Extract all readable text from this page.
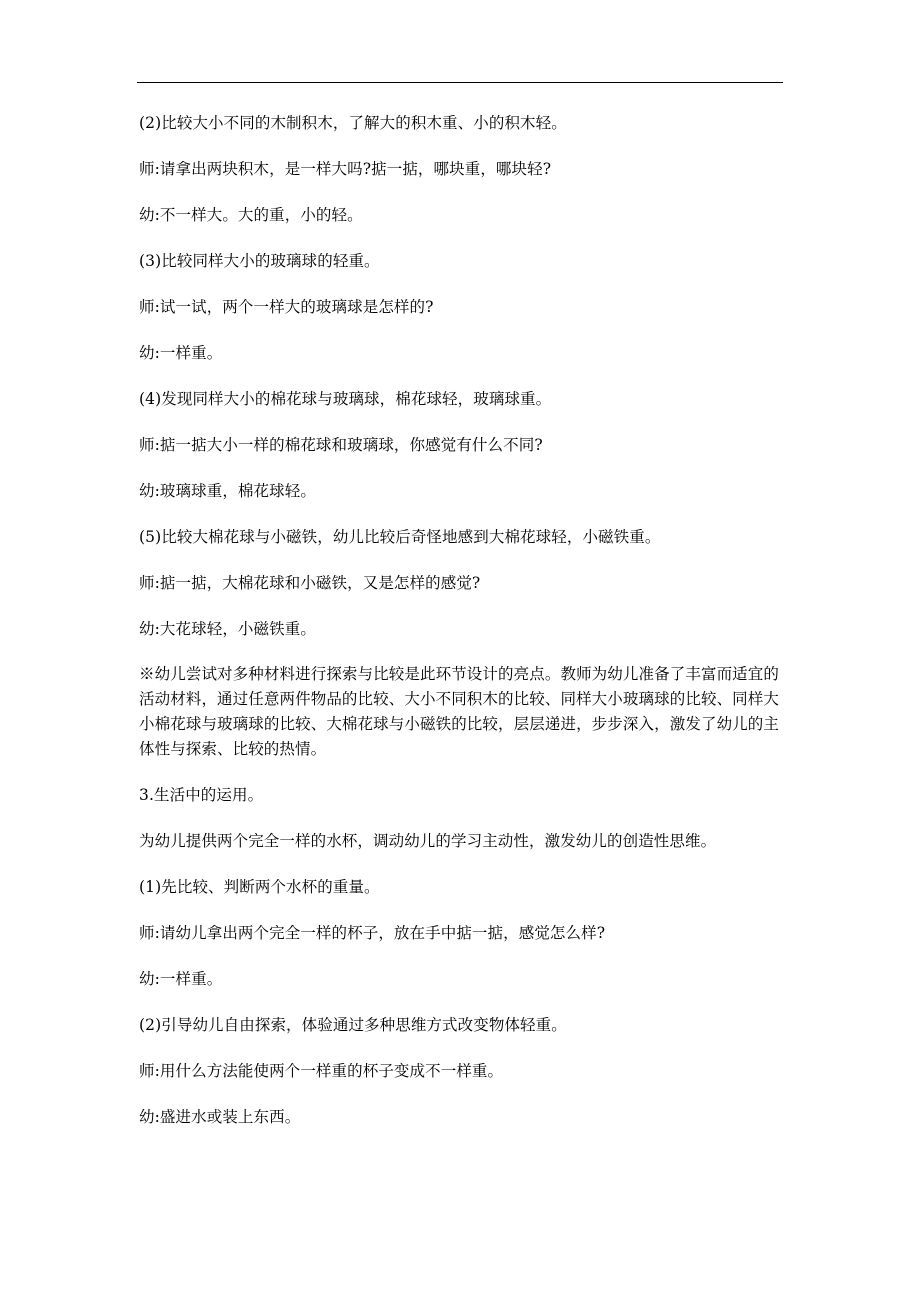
(2)比较大小不同的木制积木，了解大的积木重、小的积木轻。

师:请拿出两块积木，是一样大吗?掂一掂，哪块重，哪块轻?

幼:不一样大。大的重，小的轻。

(3)比较同样大小的玻璃球的轻重。

师:试一试，两个一样大的玻璃球是怎样的?

幼:一样重。

(4)发现同样大小的棉花球与玻璃球，棉花球轻，玻璃球重。

师:掂一掂大小一样的棉花球和玻璃球，你感觉有什么不同?

幼:玻璃球重，棉花球轻。

(5)比较大棉花球与小磁铁，幼儿比较后奇怪地感到大棉花球轻，小磁铁重。

师:掂一掂，大棉花球和小磁铁，又是怎样的感觉?

幼:大花球轻，小磁铁重。

※幼儿尝试对多种材料进行探索与比较是此环节设计的亮点。教师为幼儿准备了丰富而适宜的活动材料，通过任意两件物品的比较、大小不同积木的比较、同样大小玻璃球的比较、同样大小棉花球与玻璃球的比较、大棉花球与小磁铁的比较，层层递进，步步深入，激发了幼儿的主体性与探索、比较的热情。

3.生活中的运用。

为幼儿提供两个完全一样的水杯，调动幼儿的学习主动性，激发幼儿的创造性思维。

(1)先比较、判断两个水杯的重量。

师:请幼儿拿出两个完全一样的杯子，放在手中掂一掂，感觉怎么样?

幼:一样重。

(2)引导幼儿自由探索，体验通过多种思维方式改变物体轻重。

师:用什么方法能使两个一样重的杯子变成不一样重。

幼:盛进水或装上东西。
